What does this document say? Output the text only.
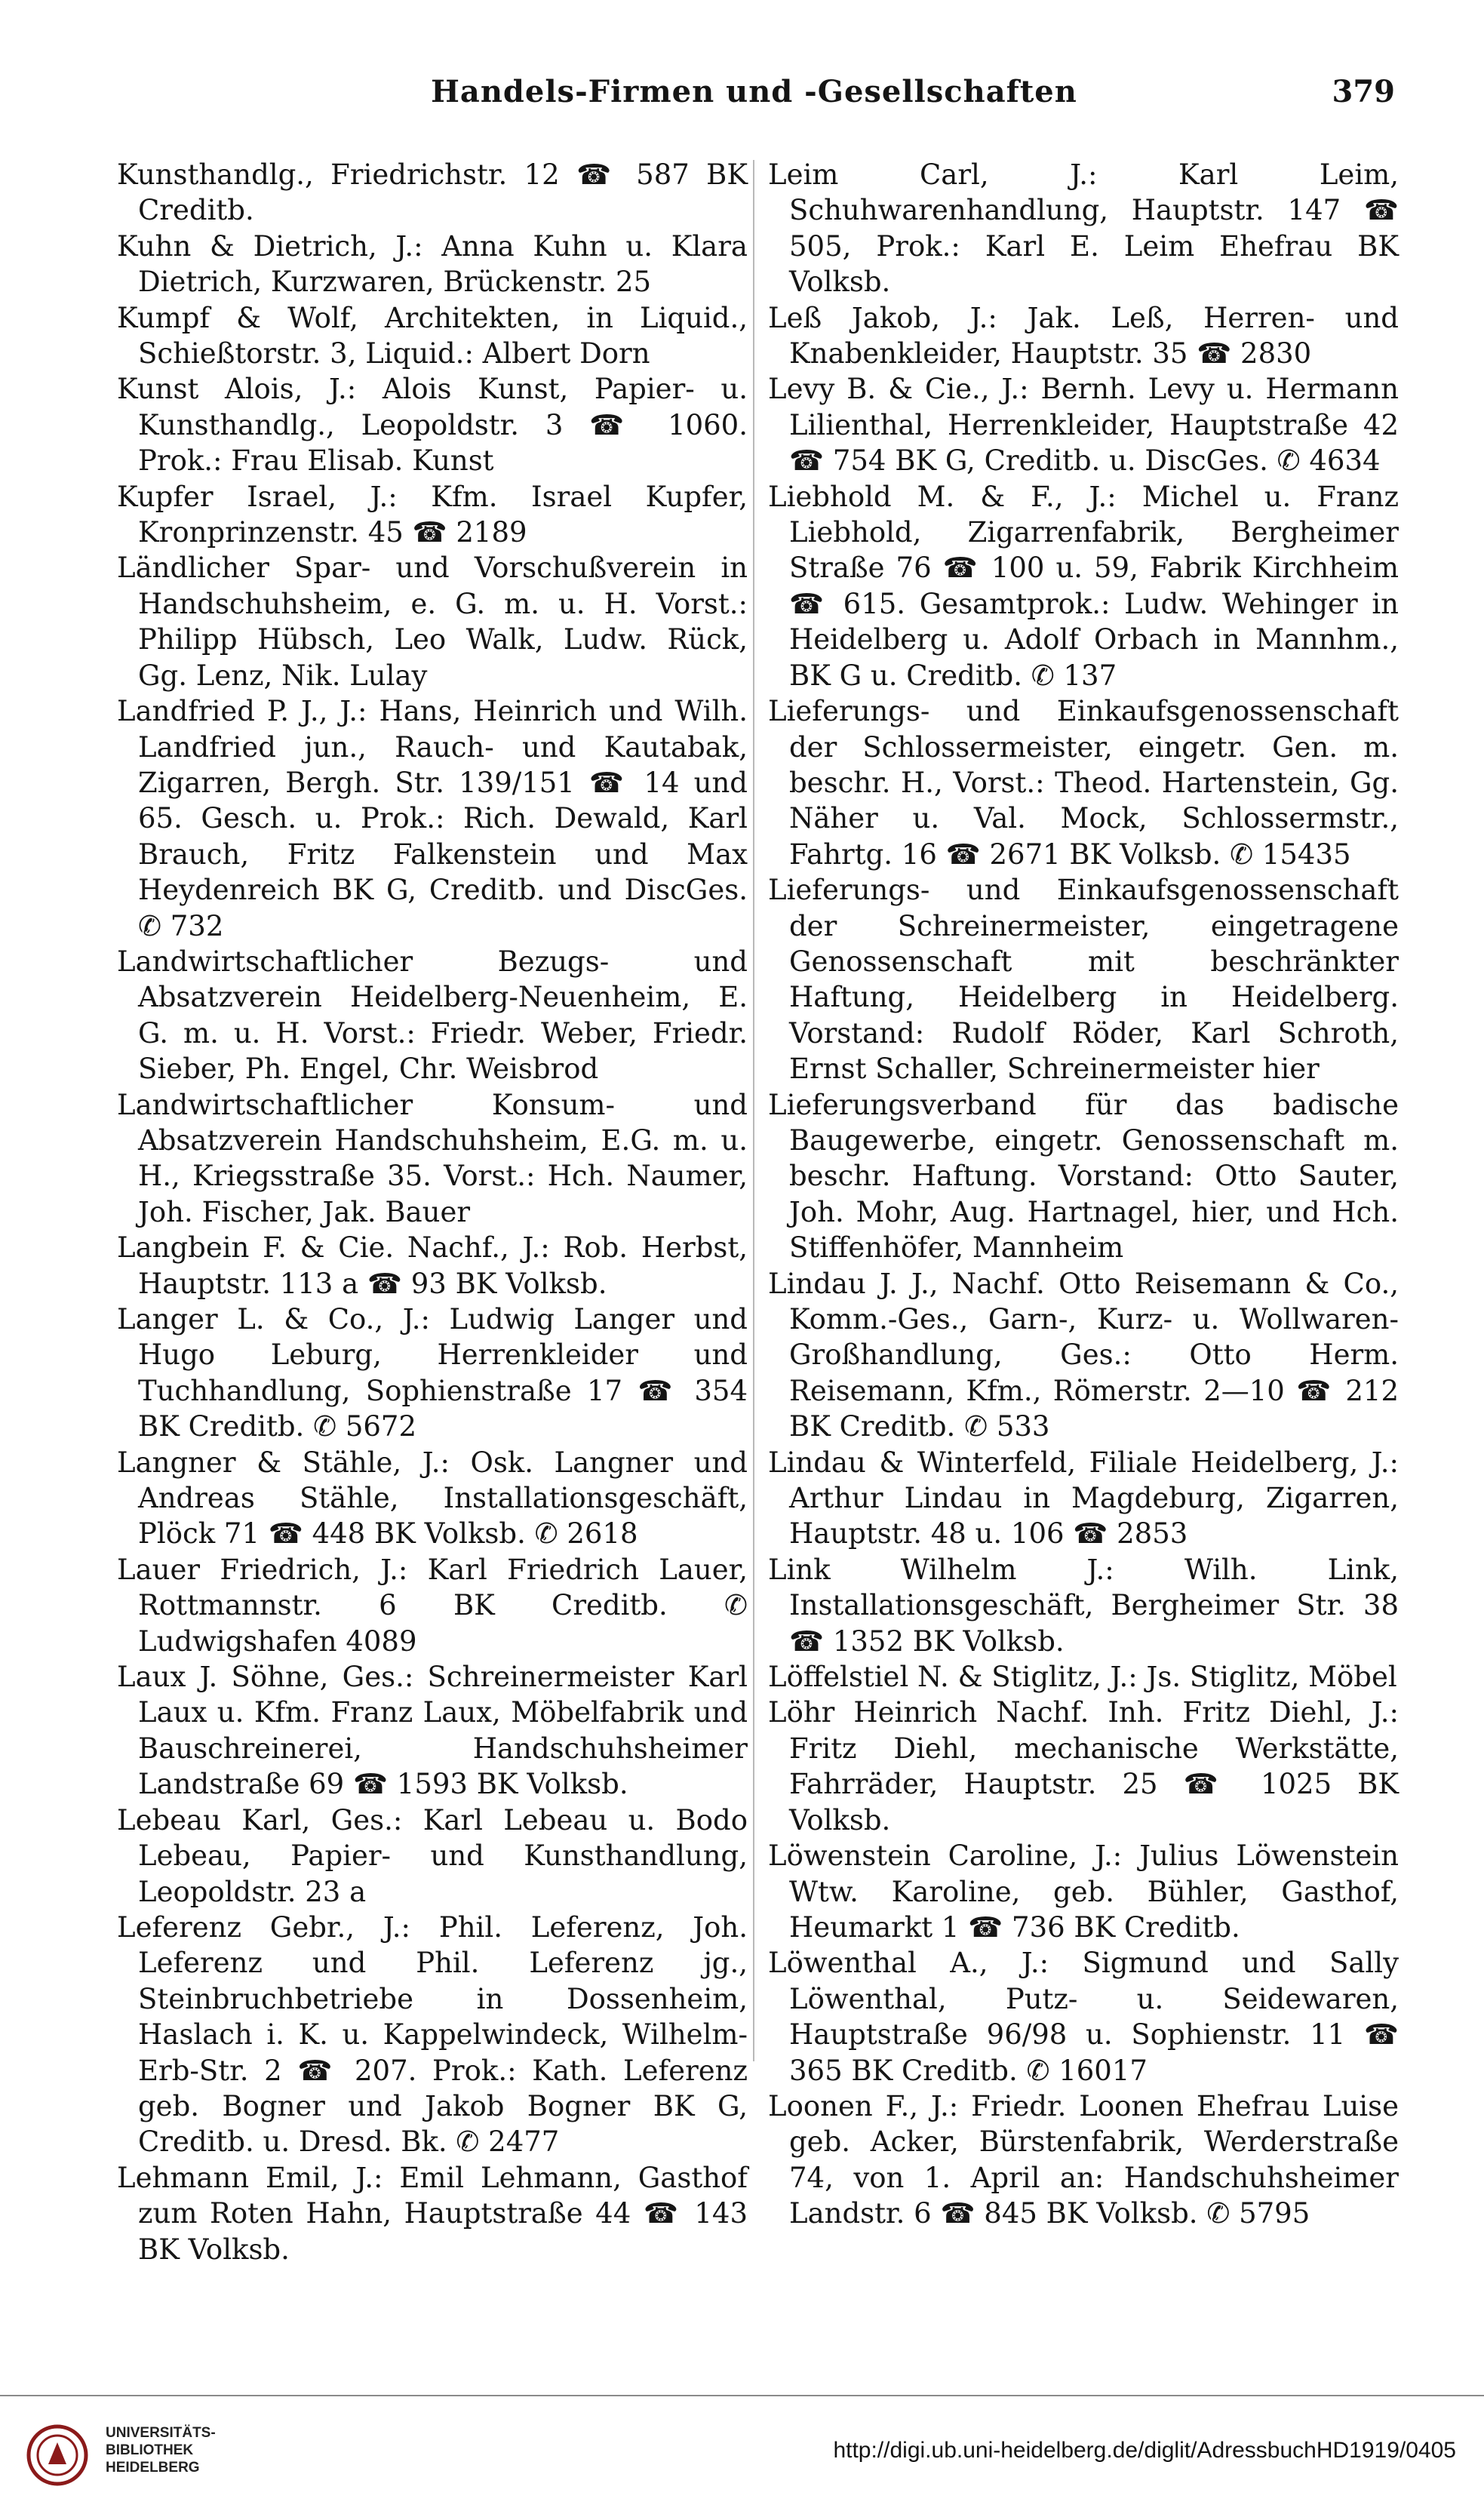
Handels-Firmen und -Gesellschaften	379

Kunsthandlg., Friedrichstr. 12 ☎ 587 BK Creditb.

Kuhn & Dietrich, J.: Anna Kuhn u. Klara Dietrich, Kurzwaren, Brückenstr. 25

Kumpf & Wolf, Architekten, in Liquid., Schießtorstr. 3, Liquid.: Albert Dorn

Kunst Alois, J.: Alois Kunst, Papier- u. Kunsthandlg., Leopoldstr. 3 ☎ 1060. Prok.: Frau Elisab. Kunst

Kupfer Israel, J.: Kfm. Israel Kupfer, Kronprinzenstr. 45 ☎ 2189

Ländlicher Spar- und Vorschußverein in Handschuhsheim, e. G. m. u. H. Vorst.: Philipp Hübsch, Leo Walk, Ludw. Rück, Gg. Lenz, Nik. Lulay

Landfried P. J., J.: Hans, Heinrich und Wilh. Landfried jun., Rauch- und Kautabak, Zigarren, Bergh. Str. 139/151 ☎ 14 und 65. Gesch. u. Prok.: Rich. Dewald, Karl Brauch, Fritz Falkenstein und Max Heydenreich BK G, Creditb. und DiscGes. ✆ 732

Landwirtschaftlicher Bezugs- und Absatzverein Heidelberg-Neuenheim, E. G. m. u. H. Vorst.: Friedr. Weber, Friedr. Sieber, Ph. Engel, Chr. Weisbrod

Landwirtschaftlicher Konsum- und Absatzverein Handschuhsheim, E.G. m. u. H., Kriegsstraße 35. Vorst.: Hch. Naumer, Joh. Fischer, Jak. Bauer

Langbein F. & Cie. Nachf., J.: Rob. Herbst, Hauptstr. 113 a ☎ 93 BK Volksb.

Langer L. & Co., J.: Ludwig Langer und Hugo Leburg, Herrenkleider und Tuchhandlung, Sophienstraße 17 ☎ 354 BK Creditb. ✆ 5672

Langner & Stähle, J.: Osk. Langner und Andreas Stähle, Installationsgeschäft, Plöck 71 ☎ 448 BK Volksb. ✆ 2618

Lauer Friedrich, J.: Karl Friedrich Lauer, Rottmannstr. 6 BK Creditb. ✆ Ludwigshafen 4089

Laux J. Söhne, Ges.: Schreinermeister Karl Laux u. Kfm. Franz Laux, Möbelfabrik und Bauschreinerei, Handschuhsheimer Landstraße 69 ☎ 1593 BK Volksb.

Lebeau Karl, Ges.: Karl Lebeau u. Bodo Lebeau, Papier- und Kunsthandlung, Leopoldstr. 23 a

Leferenz Gebr., J.: Phil. Leferenz, Joh. Leferenz und Phil. Leferenz jg., Steinbruchbetriebe in Dossenheim, Haslach i. K. u. Kappelwindeck, Wilhelm-Erb-Str. 2 ☎ 207. Prok.: Kath. Leferenz geb. Bogner und Jakob Bogner BK G, Creditb. u. Dresd. Bk. ✆ 2477

Lehmann Emil, J.: Emil Lehmann, Gasthof zum Roten Hahn, Hauptstraße 44 ☎ 143 BK Volksb.

Leim Carl, J.: Karl Leim, Schuhwarenhandlung, Hauptstr. 147 ☎ 505, Prok.: Karl E. Leim Ehefrau BK Volksb.

Leß Jakob, J.: Jak. Leß, Herren- und Knabenkleider, Hauptstr. 35 ☎ 2830

Levy B. & Cie., J.: Bernh. Levy u. Hermann Lilienthal, Herrenkleider, Hauptstraße 42 ☎ 754 BK G, Creditb. u. DiscGes. ✆ 4634

Liebhold M. & F., J.: Michel u. Franz Liebhold, Zigarrenfabrik, Bergheimer Straße 76 ☎ 100 u. 59, Fabrik Kirchheim ☎ 615. Gesamtprok.: Ludw. Wehinger in Heidelberg u. Adolf Orbach in Mannhm., BK G u. Creditb. ✆ 137

Lieferungs- und Einkaufsgenossenschaft der Schlossermeister, eingetr. Gen. m. beschr. H., Vorst.: Theod. Hartenstein, Gg. Näher u. Val. Mock, Schlossermstr., Fahrtg. 16 ☎ 2671 BK Volksb. ✆ 15435

Lieferungs- und Einkaufsgenossenschaft der Schreinermeister, eingetragene Genossenschaft mit beschränkter Haftung, Heidelberg in Heidelberg. Vorstand: Rudolf Röder, Karl Schroth, Ernst Schaller, Schreinermeister hier

Lieferungsverband für das badische Baugewerbe, eingetr. Genossenschaft m. beschr. Haftung. Vorstand: Otto Sauter, Joh. Mohr, Aug. Hartnagel, hier, und Hch. Stiffenhöfer, Mannheim

Lindau J. J., Nachf. Otto Reisemann & Co., Komm.-Ges., Garn-, Kurz- u. Wollwaren-Großhandlung, Ges.: Otto Herm. Reisemann, Kfm., Römerstr. 2—10 ☎ 212 BK Creditb. ✆ 533

Lindau & Winterfeld, Filiale Heidelberg, J.: Arthur Lindau in Magdeburg, Zigarren, Hauptstr. 48 u. 106 ☎ 2853

Link Wilhelm J.: Wilh. Link, Installationsgeschäft, Bergheimer Str. 38 ☎ 1352 BK Volksb.

Löffelstiel N. & Stiglitz, J.: Js. Stiglitz, Möbel

Löhr Heinrich Nachf. Inh. Fritz Diehl, J.: Fritz Diehl, mechanische Werkstätte, Fahrräder, Hauptstr. 25 ☎ 1025 BK Volksb.

Löwenstein Caroline, J.: Julius Löwenstein Wtw. Karoline, geb. Bühler, Gasthof, Heumarkt 1 ☎ 736 BK Creditb.

Löwenthal A., J.: Sigmund und Sally Löwenthal, Putz- u. Seidewaren, Hauptstraße 96/98 u. Sophienstr. 11 ☎ 365 BK Creditb. ✆ 16017

Loonen F., J.: Friedr. Loonen Ehefrau Luise geb. Acker, Bürstenfabrik, Werderstraße 74, von 1. April an: Handschuhsheimer Landstr. 6 ☎ 845 BK Volksb. ✆ 5795

UNIVERSITÄTS-
BIBLIOTHEK
HEIDELBERG
http://digi.ub.uni-heidelberg.de/diglit/AdressbuchHD1919/0405
